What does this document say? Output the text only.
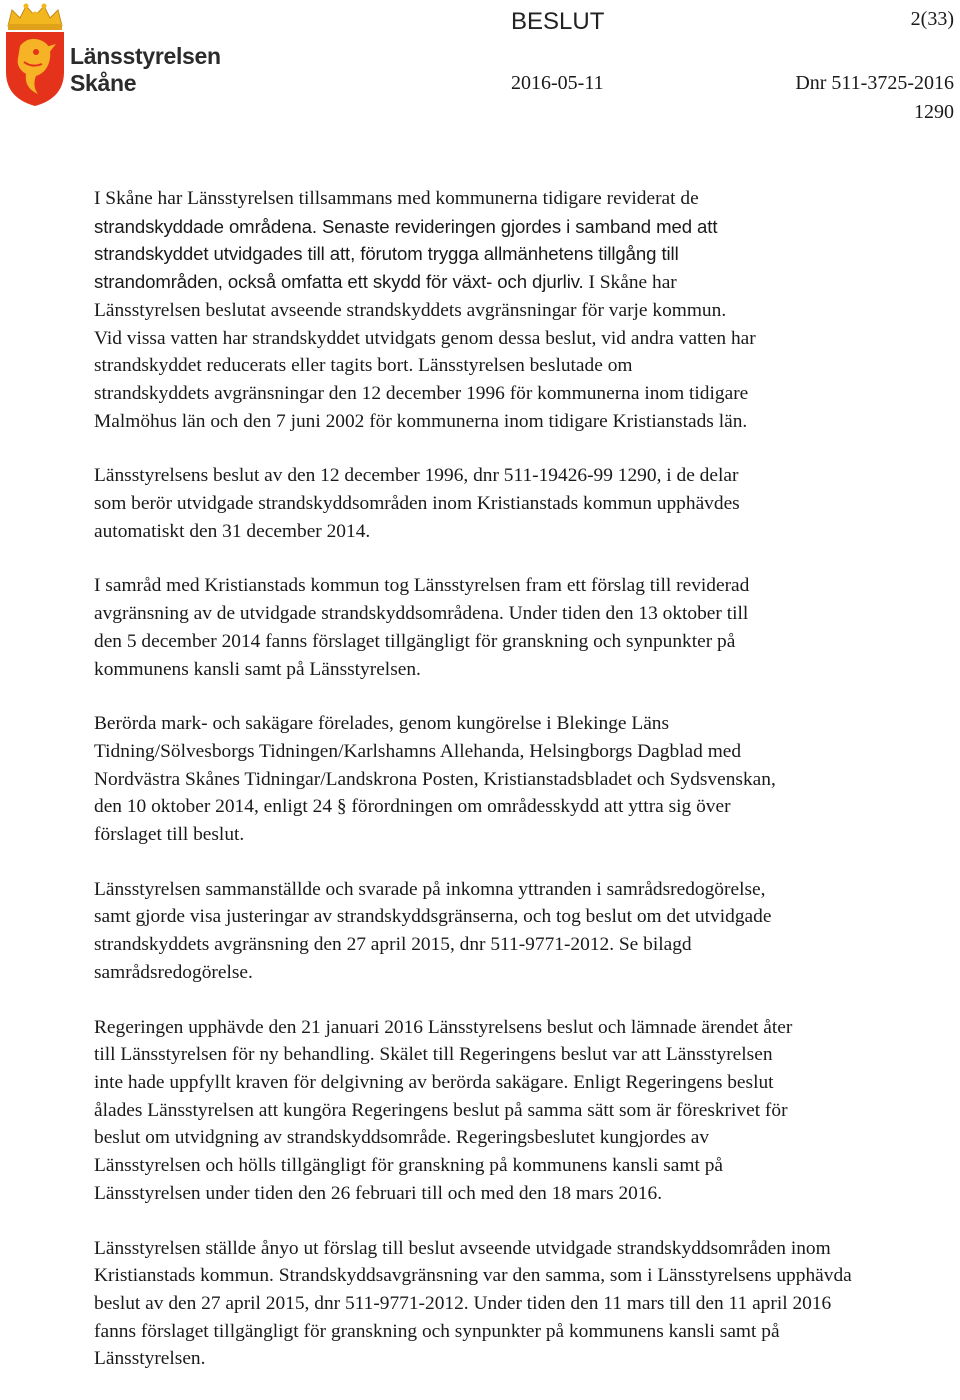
Länsstyrelsen
Skåne
BESLUT	2(33)
2016-05-11	Dnr 511-3725-2016
1290

I Skåne har Länsstyrelsen tillsammans med kommunerna tidigare reviderat de
strandskyddade områdena. Senaste revideringen gjordes i samband med att
strandskyddet utvidgades till att, förutom trygga allmänhetens tillgång till
strandområden, också omfatta ett skydd för växt- och djurliv. I Skåne har
Länsstyrelsen beslutat avseende strandskyddets avgränsningar för varje kommun.
Vid vissa vatten har strandskyddet utvidgats genom dessa beslut, vid andra vatten har
strandskyddet reducerats eller tagits bort. Länsstyrelsen beslutade om
strandskyddets avgränsningar den 12 december 1996 för kommunerna inom tidigare
Malmöhus län och den 7 juni 2002 för kommunerna inom tidigare Kristianstads län.

Länsstyrelsens beslut av den 12 december 1996, dnr 511-19426-99 1290, i de delar
som berör utvidgade strandskyddsområden inom Kristianstads kommun upphävdes
automatiskt den 31 december 2014.

I samråd med Kristianstads kommun tog Länsstyrelsen fram ett förslag till reviderad
avgränsning av de utvidgade strandskyddsområdena. Under tiden den 13 oktober till
den 5 december 2014 fanns förslaget tillgängligt för granskning och synpunkter på
kommunens kansli samt på Länsstyrelsen.

Berörda mark- och sakägare förelades, genom kungörelse i Blekinge Läns
Tidning/Sölvesborgs Tidningen/Karlshamns Allehanda, Helsingborgs Dagblad med
Nordvästra Skånes Tidningar/Landskrona Posten, Kristianstadsbladet och Sydsvenskan,
den 10 oktober 2014, enligt 24 § förordningen om områdesskydd att yttra sig över
förslaget till beslut.

Länsstyrelsen sammanställde och svarade på inkomna yttranden i samrådsredogörelse,
samt gjorde visa justeringar av strandskyddsgränserna, och tog beslut om det utvidgade
strandskyddets avgränsning den 27 april 2015, dnr 511-9771-2012. Se bilagd
samrådsredogörelse.

Regeringen upphävde den 21 januari 2016 Länsstyrelsens beslut och lämnade ärendet åter
till Länsstyrelsen för ny behandling. Skälet till Regeringens beslut var att Länsstyrelsen
inte hade uppfyllt kraven för delgivning av berörda sakägare. Enligt Regeringens beslut
ålades Länsstyrelsen att kungöra Regeringens beslut på samma sätt som är föreskrivet för
beslut om utvidgning av strandskyddsområde. Regeringsbeslutet kungjordes av
Länsstyrelsen och hölls tillgängligt för granskning på kommunens kansli samt på
Länsstyrelsen under tiden den 26 februari till och med den 18 mars 2016.

Länsstyrelsen ställde ånyo ut förslag till beslut avseende utvidgade strandskyddsområden inom
Kristianstads kommun. Strandskyddsavgränsning var den samma, som i Länsstyrelsens upphävda
beslut av den 27 april 2015, dnr 511-9771-2012. Under tiden den 11 mars till den 11 april 2016
fanns förslaget tillgängligt för granskning och synpunkter på kommunens kansli samt på
Länsstyrelsen.
